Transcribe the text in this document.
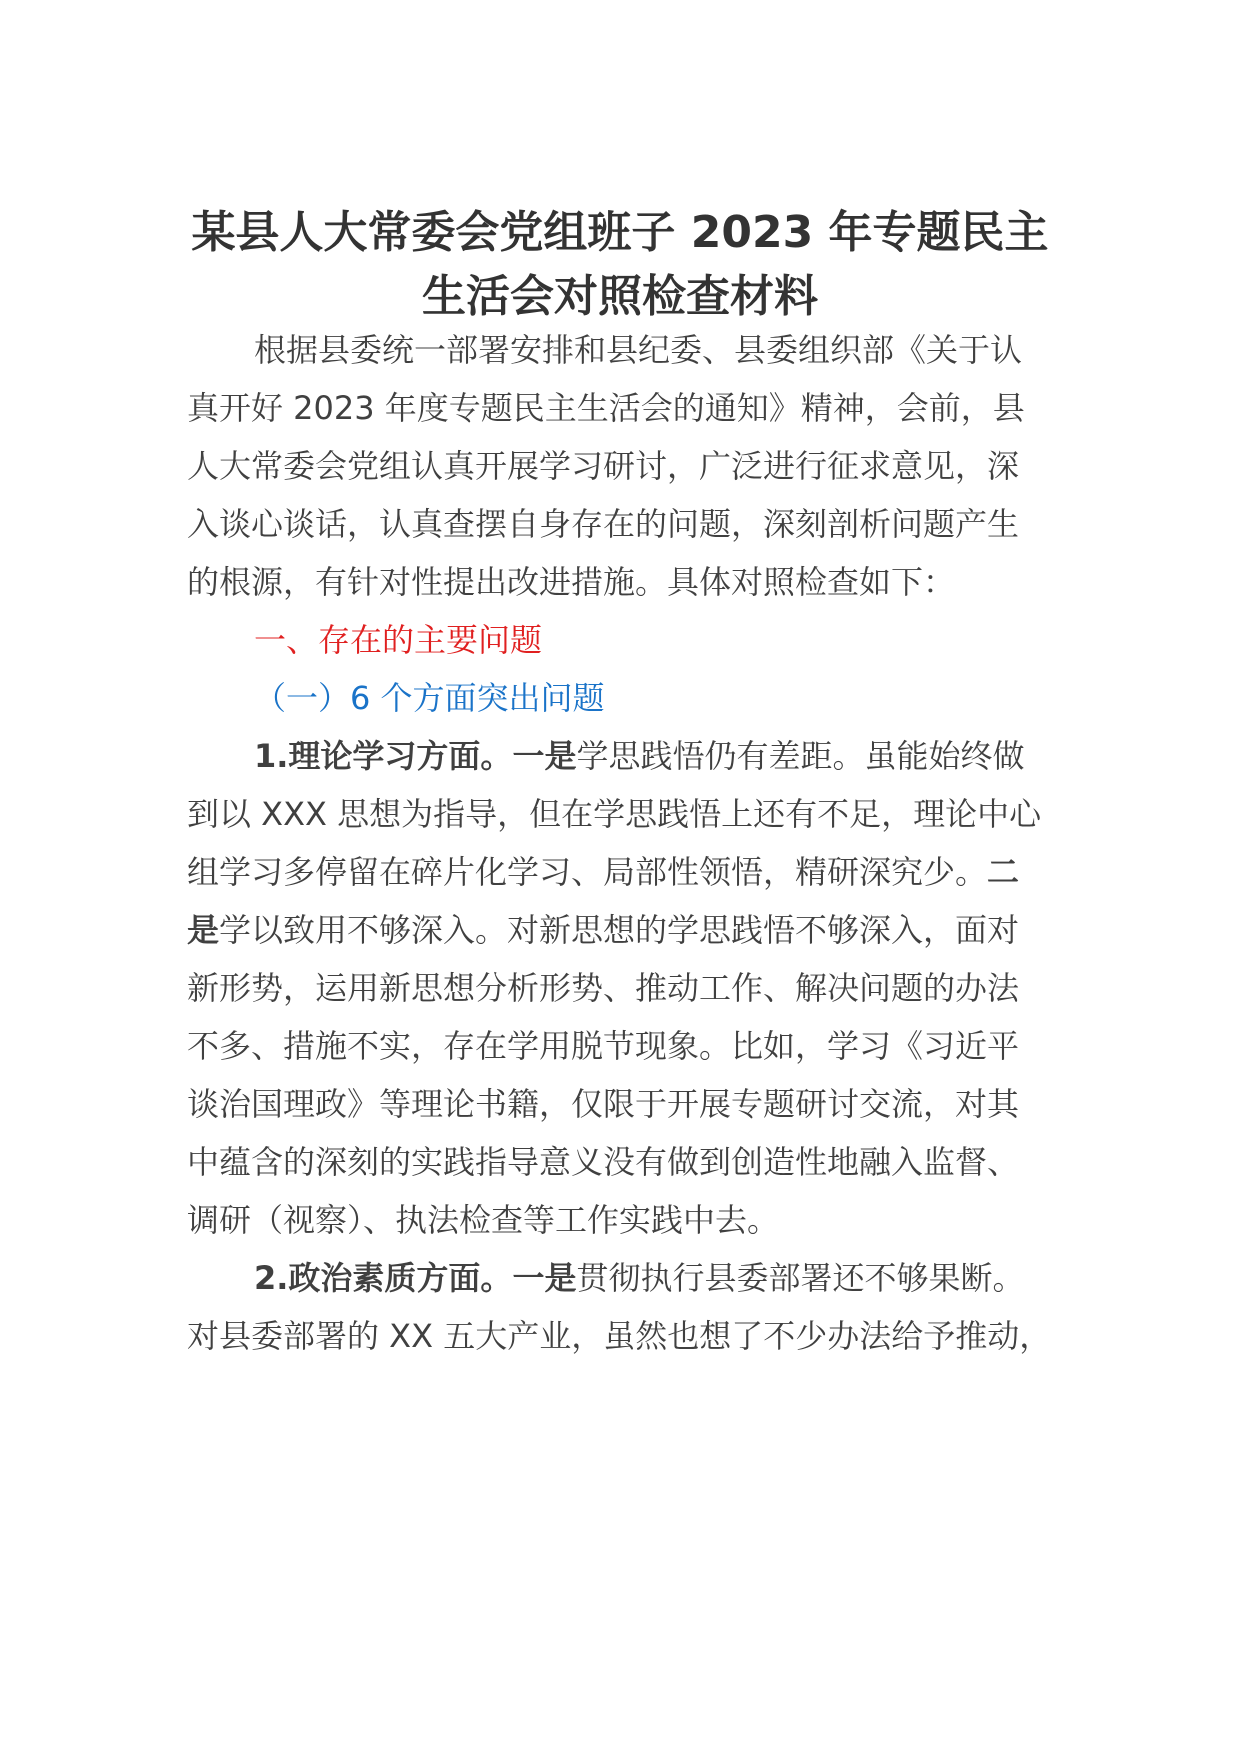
某县人大常委会党组班子 2023 年专题民主
生活会对照检查材料
根据县委统一部署安排和县纪委、县委组织部《关于认
真开好 2023 年度专题民主生活会的通知》精神，会前，县
人大常委会党组认真开展学习研讨，广泛进行征求意见，深
入谈心谈话，认真查摆自身存在的问题，深刻剖析问题产生
的根源，有针对性提出改进措施。具体对照检查如下：
一、存在的主要问题
（一）6 个方面突出问题
1.理论学习方面。一是学思践悟仍有差距。虽能始终做
到以 XXX 思想为指导，但在学思践悟上还有不足，理论中心
组学习多停留在碎片化学习、局部性领悟，精研深究少。二
是学以致用不够深入。对新思想的学思践悟不够深入，面对
新形势，运用新思想分析形势、推动工作、解决问题的办法
不多、措施不实，存在学用脱节现象。比如，学习《习近平
谈治国理政》等理论书籍，仅限于开展专题研讨交流，对其
中蕴含的深刻的实践指导意义没有做到创造性地融入监督、
调研（视察）、执法检查等工作实践中去。
2.政治素质方面。一是贯彻执行县委部署还不够果断。
对县委部署的 XX 五大产业，虽然也想了不少办法给予推动，
